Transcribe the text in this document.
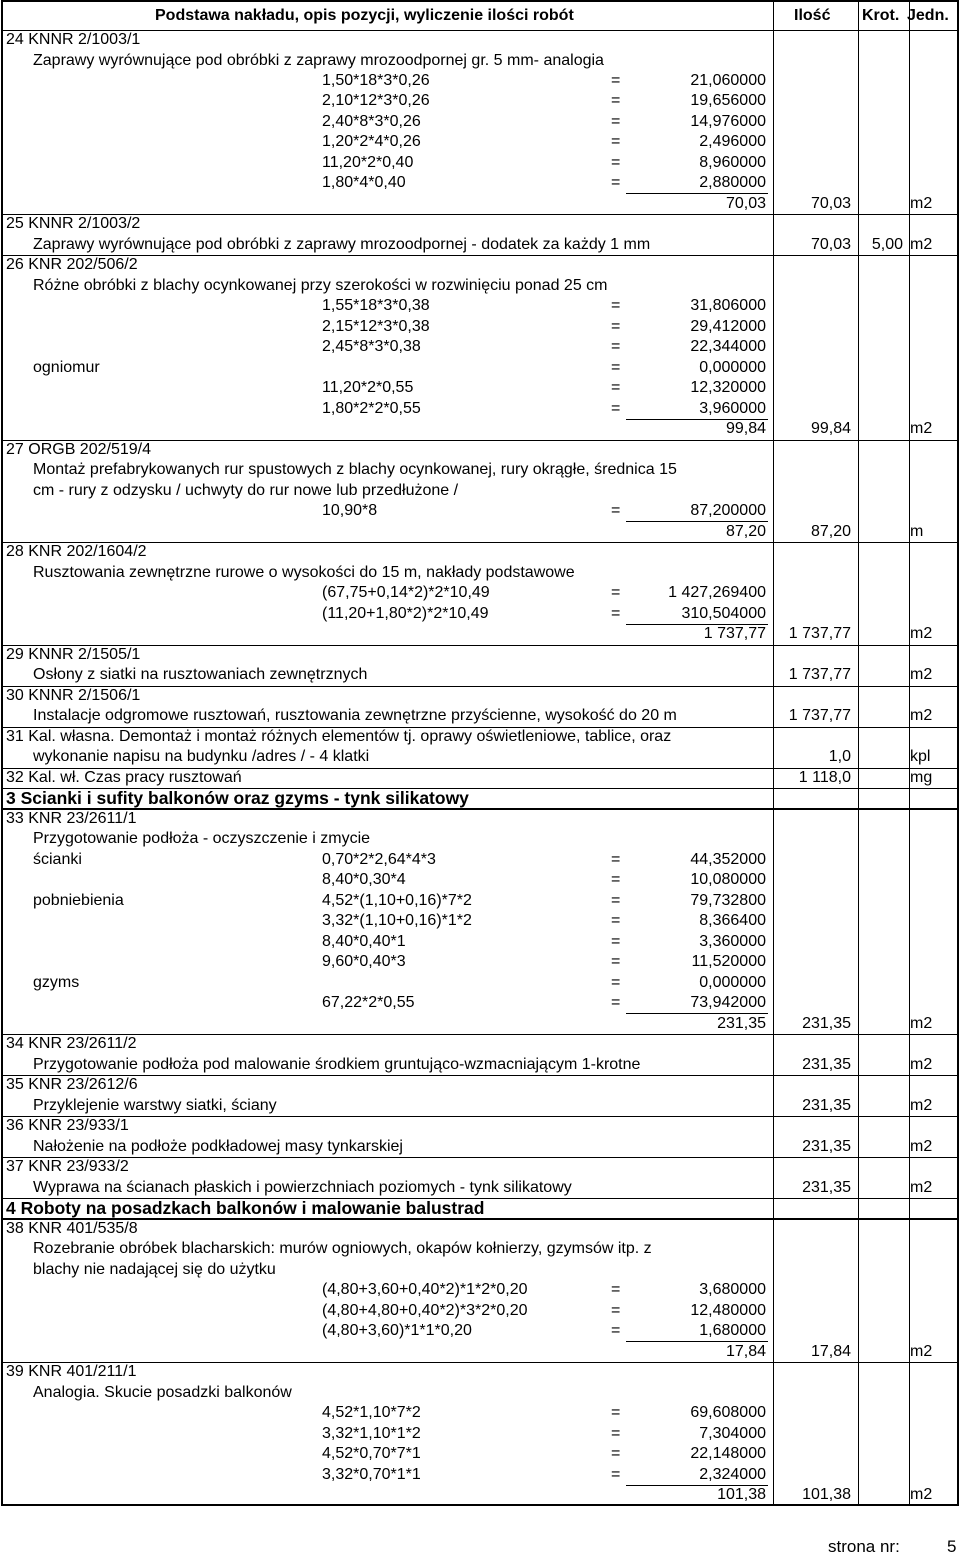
Podstawa nakładu, opis pozycji, wyliczenie ilości robót	Ilość Krot. Jedn.
24 KNNR 2/1003/1
Zaprawy wyrównujące pod obróbki z zaprawy mrozoodpornej gr. 5 mm- analogia
1,50*18*3*0,26	=	21,060000
2,10*12*3*0,26	=	19,656000
2,40*8*3*0,26	=	14,976000
1,20*2*4*0,26	=	2,496000
11,20*2*0,40	=	8,960000
1,80*4*0,40	=	2,880000
70,03	70,03	m2
25 KNNR 2/1003/2
Zaprawy wyrównujące pod obróbki z zaprawy mrozoodpornej - dodatek za każdy 1 mm	70,03 5,00 m2
26 KNR 202/506/2
Różne obróbki z blachy ocynkowanej przy szerokości w rozwinięciu ponad 25 cm
1,55*18*3*0,38	=	31,806000
2,15*12*3*0,38	=	29,412000
2,45*8*3*0,38	=	22,344000
ogniomur	=	0,000000
11,20*2*0,55	=	12,320000
1,80*2*2*0,55	=	3,960000
99,84	99,84	m2
27 ORGB 202/519/4
Montaż prefabrykowanych rur spustowych z blachy ocynkowanej, rury okrągłe, średnica 15
cm - rury z odzysku / uchwyty do rur nowe lub przedłużone /
10,90*8	=	87,200000
87,20	87,20	m
28 KNR 202/1604/2
Rusztowania zewnętrzne rurowe o wysokości do 15 m, nakłady podstawowe
(67,75+0,14*2)*2*10,49	=	1 427,269400
(11,20+1,80*2)*2*10,49	=	310,504000
1 737,77 1 737,77	m2
29 KNNR 2/1505/1
Osłony z siatki na rusztowaniach zewnętrznych	1 737,77	m2
30 KNNR 2/1506/1
Instalacje odgromowe rusztowań, rusztowania zewnętrzne przyścienne, wysokość do 20 m	1 737,77	m2
31 Kal. własna. Demontaż i montaż różnych elementów tj. oprawy oświetleniowe, tablice, oraz
wykonanie napisu na budynku /adres / - 4 klatki	1,0	kpl
32 Kal. wł. Czas pracy rusztowań	1 118,0	mg
3 Scianki i sufity balkonów oraz gzyms - tynk silikatowy
33 KNR 23/2611/1
Przygotowanie podłoża - oczyszczenie i zmycie
ścianki	0,70*2*2,64*4*3	=	44,352000
8,40*0,30*4	=	10,080000
pobniebienia	4,52*(1,10+0,16)*7*2	=	79,732800
3,32*(1,10+0,16)*1*2	=	8,366400
8,40*0,40*1	=	3,360000
9,60*0,40*3	=	11,520000
gzyms	=	0,000000
67,22*2*0,55	=	73,942000
231,35 231,35	m2
34 KNR 23/2611/2
Przygotowanie podłoża pod malowanie środkiem gruntująco-wzmacniającym 1-krotne	231,35	m2
35 KNR 23/2612/6
Przyklejenie warstwy siatki, ściany	231,35	m2
36 KNR 23/933/1
Nałożenie na podłoże podkładowej masy tynkarskiej	231,35	m2
37 KNR 23/933/2
Wyprawa na ścianach płaskich i powierzchniach poziomych - tynk silikatowy	231,35	m2
4 Roboty na posadzkach balkonów i malowanie balustrad
38 KNR 401/535/8
Rozebranie obróbek blacharskich: murów ogniowych, okapów kołnierzy, gzymsów itp. z
blachy nie nadającej się do użytku
(4,80+3,60+0,40*2)*1*2*0,20	=	3,680000
(4,80+4,80+0,40*2)*3*2*0,20	=	12,480000
(4,80+3,60)*1*1*0,20	=	1,680000
17,84	17,84	m2
39 KNR 401/211/1
Analogia. Skucie posadzki balkonów
4,52*1,10*7*2	=	69,608000
3,32*1,10*1*2	=	7,304000
4,52*0,70*7*1	=	22,148000
3,32*0,70*1*1	=	2,324000
101,38 101,38	m2
strona nr:	5
